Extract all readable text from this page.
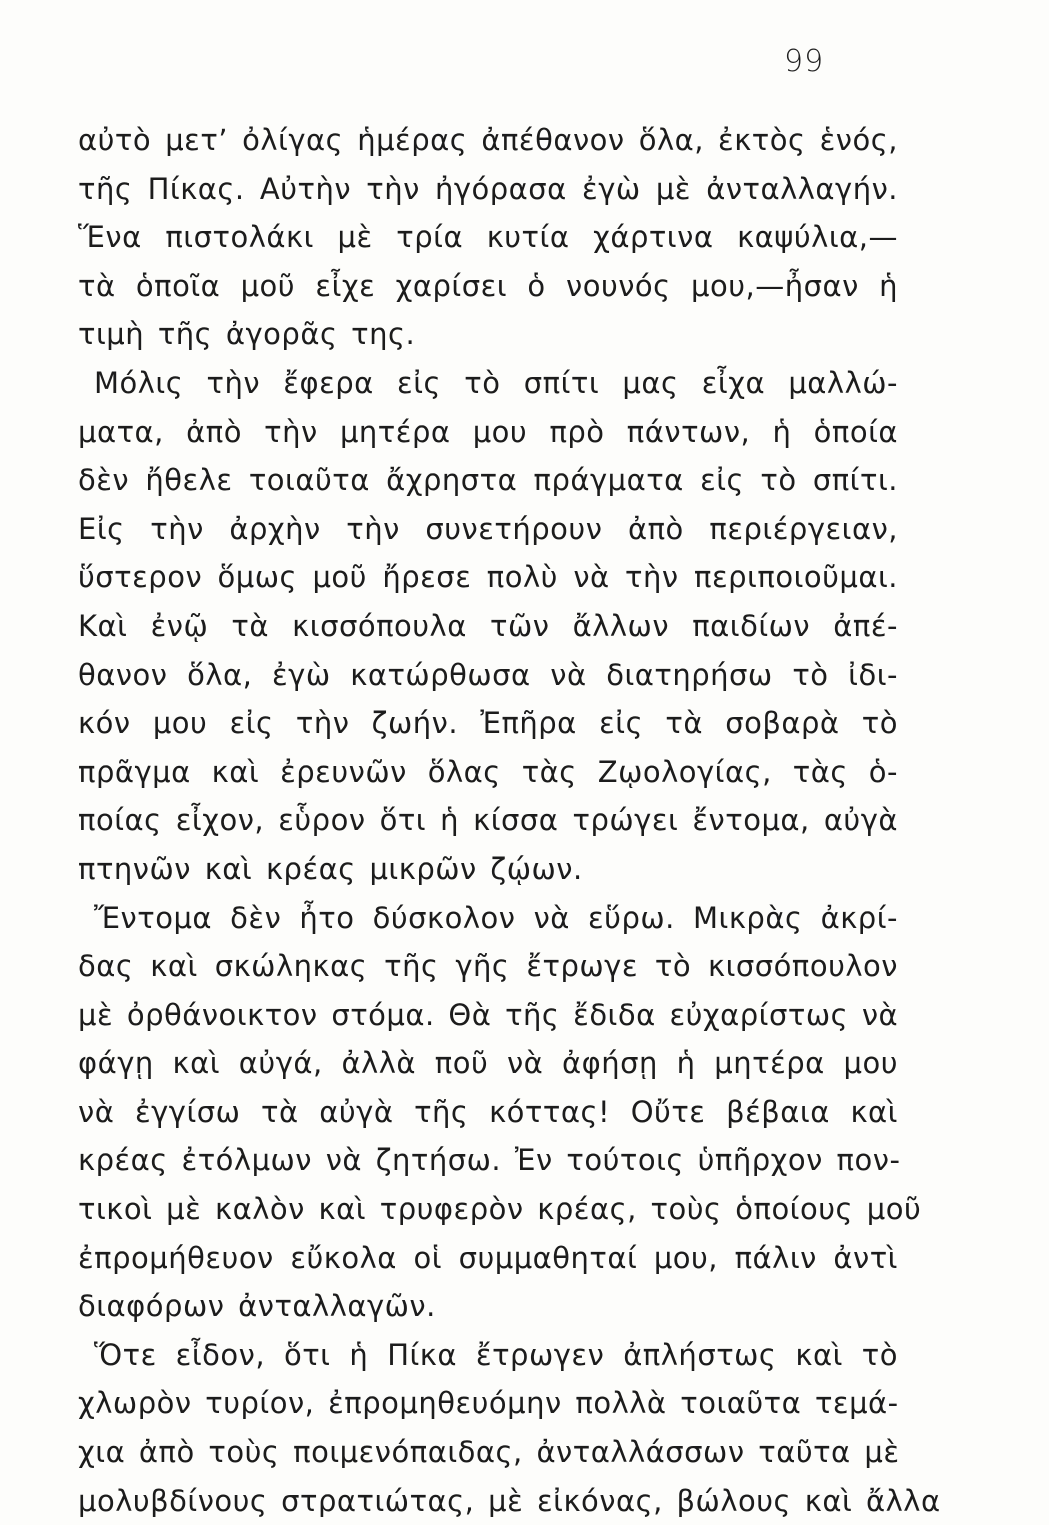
99
αὐτὸ μετ’ ὀλίγας ἡμέρας ἀπέθανον ὅλα, ἐκτὸς ἑνός,
τῆς Πίκας. Αὐτὴν τὴν ἠγόρασα ἐγὼ μὲ ἀνταλλαγήν.
Ἕνα πιστολάκι μὲ τρία κυτία χάρτινα καψύλια,—
τὰ ὁποῖα μοῦ εἶχε χαρίσει ὁ νουνός μου,—ἦσαν ἡ
τιμὴ τῆς ἀγορᾶς της.
Μόλις τὴν ἔφερα εἰς τὸ σπίτι μας εἶχα μαλλώ-
ματα, ἀπὸ τὴν μητέρα μου πρὸ πάντων, ἡ ὁποία
δὲν ἤθελε τοιαῦτα ἄχρηστα πράγματα εἰς τὸ σπίτι.
Εἰς τὴν ἀρχὴν τὴν συνετήρουν ἀπὸ περιέργειαν,
ὕστερον ὅμως μοῦ ἤρεσε πολὺ νὰ τὴν περιποιοῦμαι.
Καὶ ἐνῷ τὰ κισσόπουλα τῶν ἄλλων παιδίων ἀπέ-
θανον ὅλα, ἐγὼ κατώρθωσα νὰ διατηρήσω τὸ ἰδι-
κόν μου εἰς τὴν ζωήν. Ἐπῆρα εἰς τὰ σοβαρὰ τὸ
πρᾶγμα καὶ ἐρευνῶν ὅλας τὰς Ζῳολογίας, τὰς ὁ-
ποίας εἶχον, εὗρον ὅτι ἡ κίσσα τρώγει ἔντομα, αὐγὰ
πτηνῶν καὶ κρέας μικρῶν ζῴων.
Ἔντομα δὲν ἦτο δύσκολον νὰ εὕρω. Μικρὰς ἀκρί-
δας καὶ σκώληκας τῆς γῆς ἔτρωγε τὸ κισσόπουλον
μὲ ὀρθάνοικτον στόμα. Θὰ τῆς ἔδιδα εὐχαρίστως νὰ
φάγῃ καὶ αὐγά, ἀλλὰ ποῦ νὰ ἀφήσῃ ἡ μητέρα μου
νὰ ἐγγίσω τὰ αὐγὰ τῆς κόττας! Οὔτε βέβαια καὶ
κρέας ἐτόλμων νὰ ζητήσω. Ἐν τούτοις ὑπῆρχον πον-
τικοὶ μὲ καλὸν καὶ τρυφερὸν κρέας, τοὺς ὁποίους μοῦ
ἐπρομήθευον εὔκολα οἱ συμμαθηταί μου, πάλιν ἀντὶ
διαφόρων ἀνταλλαγῶν.
Ὅτε εἶδον, ὅτι ἡ Πίκα ἔτρωγεν ἀπλήστως καὶ τὸ
χλωρὸν τυρίον, ἐπρομηθευόμην πολλὰ τοιαῦτα τεμά-
χια ἀπὸ τοὺς ποιμενόπαιδας, ἀνταλλάσσων ταῦτα μὲ
μολυβδίνους στρατιώτας, μὲ εἰκόνας, βώλους καὶ ἄλλα
